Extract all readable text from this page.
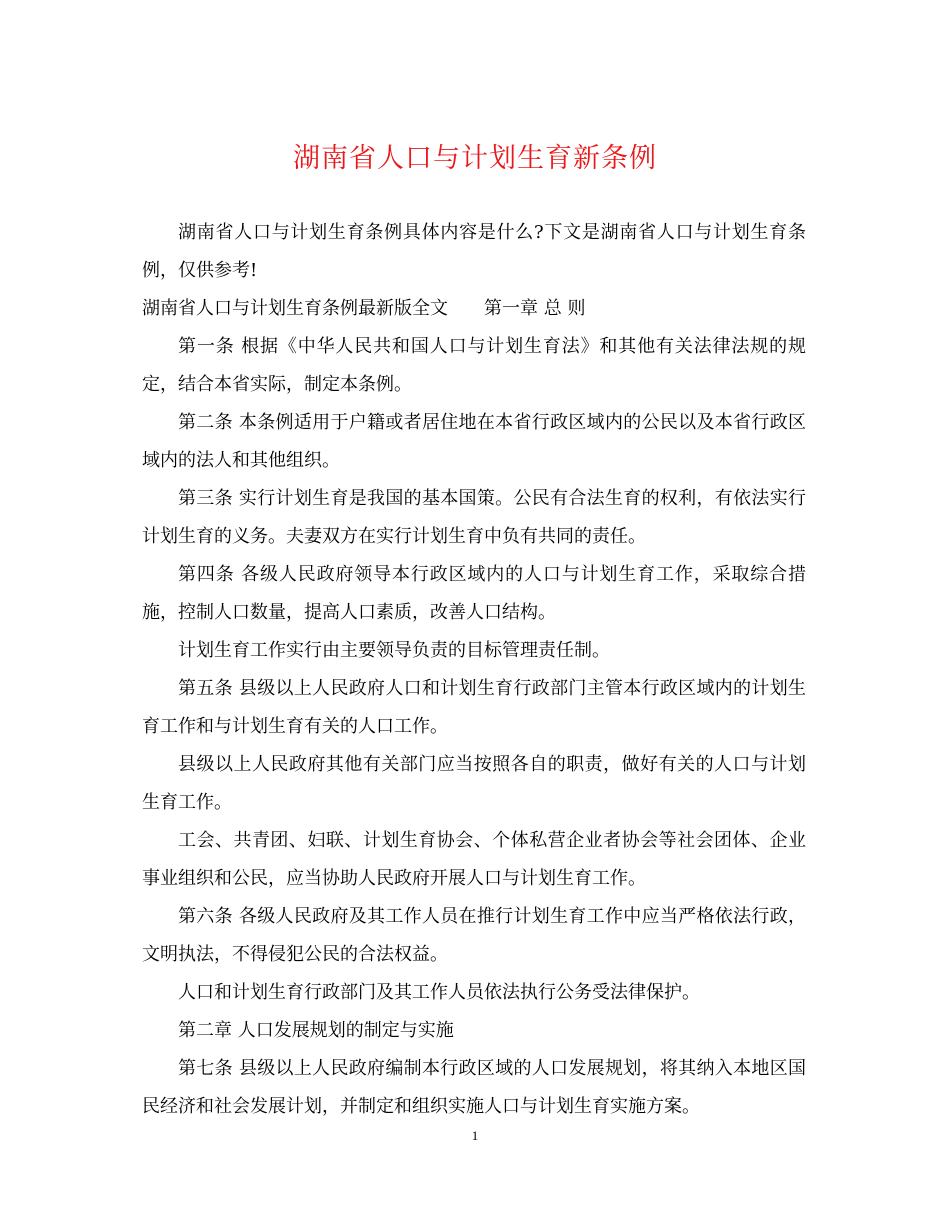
湖南省人口与计划生育新条例

湖南省人口与计划生育条例具体内容是什么?下文是湖南省人口与计划生育条例，仅供参考!

湖南省人口与计划生育条例最新版全文 第一章 总 则

第一条 根据《中华人民共和国人口与计划生育法》和其他有关法律法规的规定，结合本省实际，制定本条例。

第二条 本条例适用于户籍或者居住地在本省行政区域内的公民以及本省行政区域内的法人和其他组织。

第三条 实行计划生育是我国的基本国策。公民有合法生育的权利，有依法实行计划生育的义务。夫妻双方在实行计划生育中负有共同的责任。

第四条 各级人民政府领导本行政区域内的人口与计划生育工作，采取综合措施，控制人口数量，提高人口素质，改善人口结构。

计划生育工作实行由主要领导负责的目标管理责任制。

第五条 县级以上人民政府人口和计划生育行政部门主管本行政区域内的计划生育工作和与计划生育有关的人口工作。

县级以上人民政府其他有关部门应当按照各自的职责，做好有关的人口与计划生育工作。

工会、共青团、妇联、计划生育协会、个体私营企业者协会等社会团体、企业事业组织和公民，应当协助人民政府开展人口与计划生育工作。

第六条 各级人民政府及其工作人员在推行计划生育工作中应当严格依法行政，文明执法，不得侵犯公民的合法权益。

人口和计划生育行政部门及其工作人员依法执行公务受法律保护。

第二章 人口发展规划的制定与实施

第七条 县级以上人民政府编制本行政区域的人口发展规划，将其纳入本地区国民经济和社会发展计划，并制定和组织实施人口与计划生育实施方案。

1
